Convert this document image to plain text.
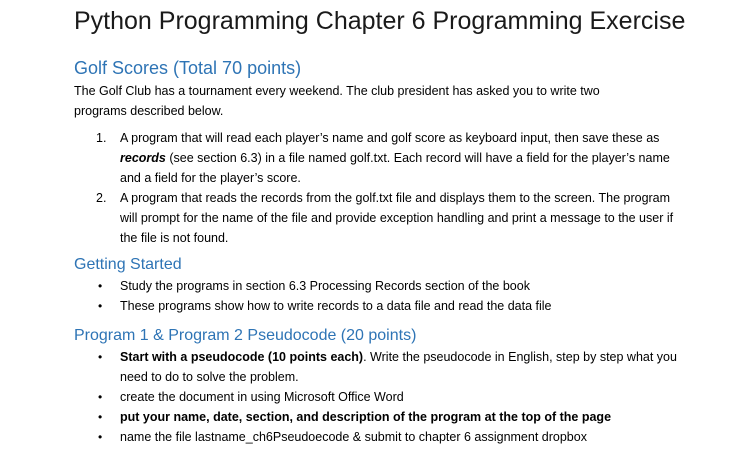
Python Programming Chapter 6 Programming Exercise
Golf Scores (Total 70 points)

The Golf Club has a tournament every weekend. The club president has asked you to write two programs described below.

1. A program that will read each player’s name and golf score as keyboard input, then save these as records (see section 6.3) in a file named golf.txt. Each record will have a field for the player’s name and a field for the player’s score.
2. A program that reads the records from the golf.txt file and displays them to the screen. The program will prompt for the name of the file and provide exception handling and print a message to the user if the file is not found.
Getting Started
• Study the programs in section 6.3 Processing Records section of the book
• These programs show how to write records to a data file and read the data file
Program 1 & Program 2 Pseudocode (20 points)
• Start with a pseudocode (10 points each). Write the pseudocode in English, step by step what you need to do to solve the problem.
• create the document in using Microsoft Office Word
• put your name, date, section, and description of the program at the top of the page
• name the file lastname_ch6Pseudoecode & submit to chapter 6 assignment dropbox
